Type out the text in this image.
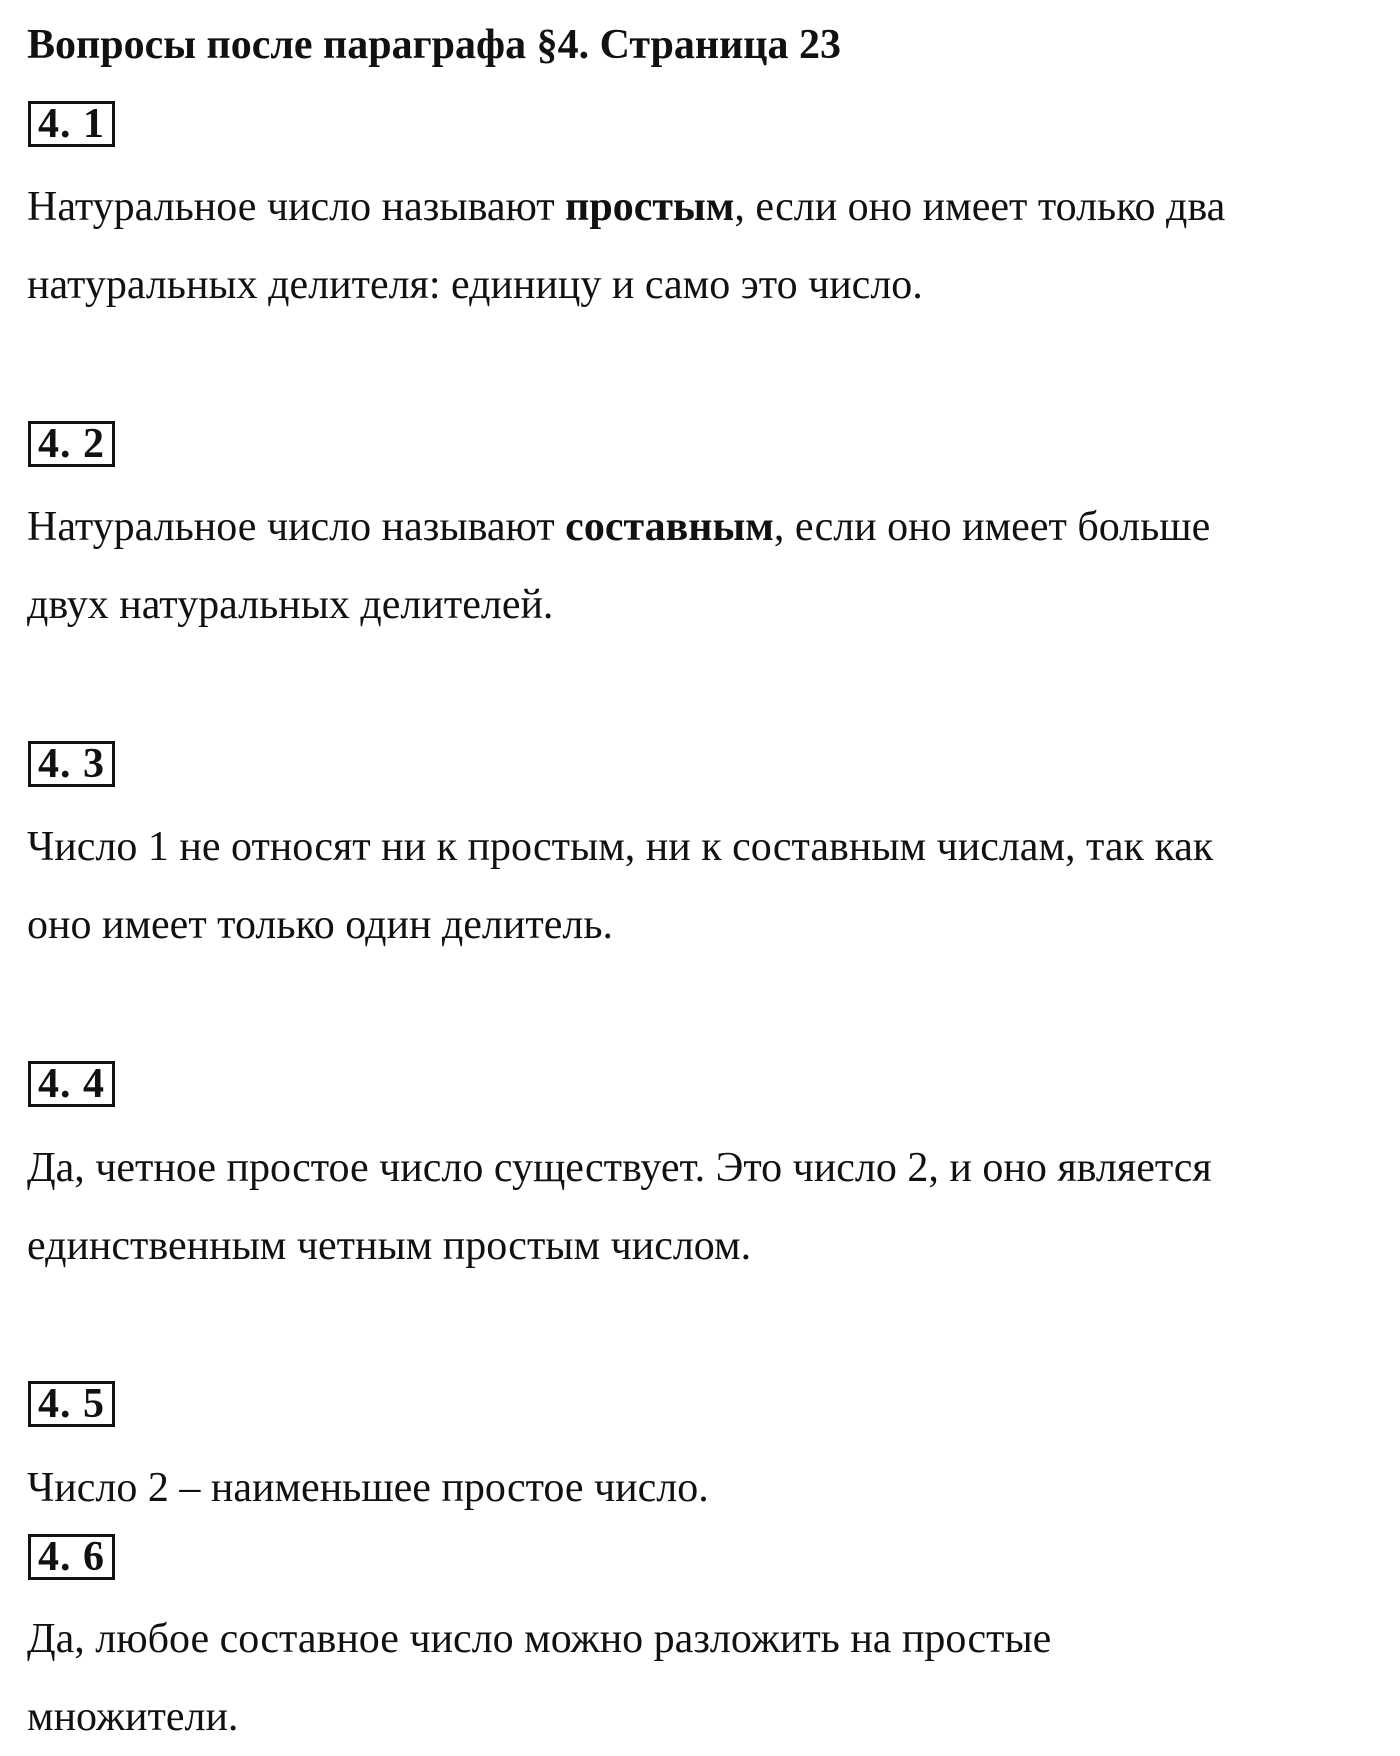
Вопросы после параграфа §4. Страница 23
4. 1

Натуральное число называют простым, если оно имеет только два
натуральных делителя: единицу и само это число.

4. 2

Натуральное число называют составным, если оно имеет больше
двух натуральных делителей.

4. 3

Число 1 не относят ни к простым, ни к составным числам, так как
оно имеет только один делитель.

4. 4

Да, четное простое число существует. Это число 2, и оно является
единственным четным простым числом.

4. 5

Число 2 – наименьшее простое число.

4. 6

Да, любое составное число можно разложить на простые
множители.
